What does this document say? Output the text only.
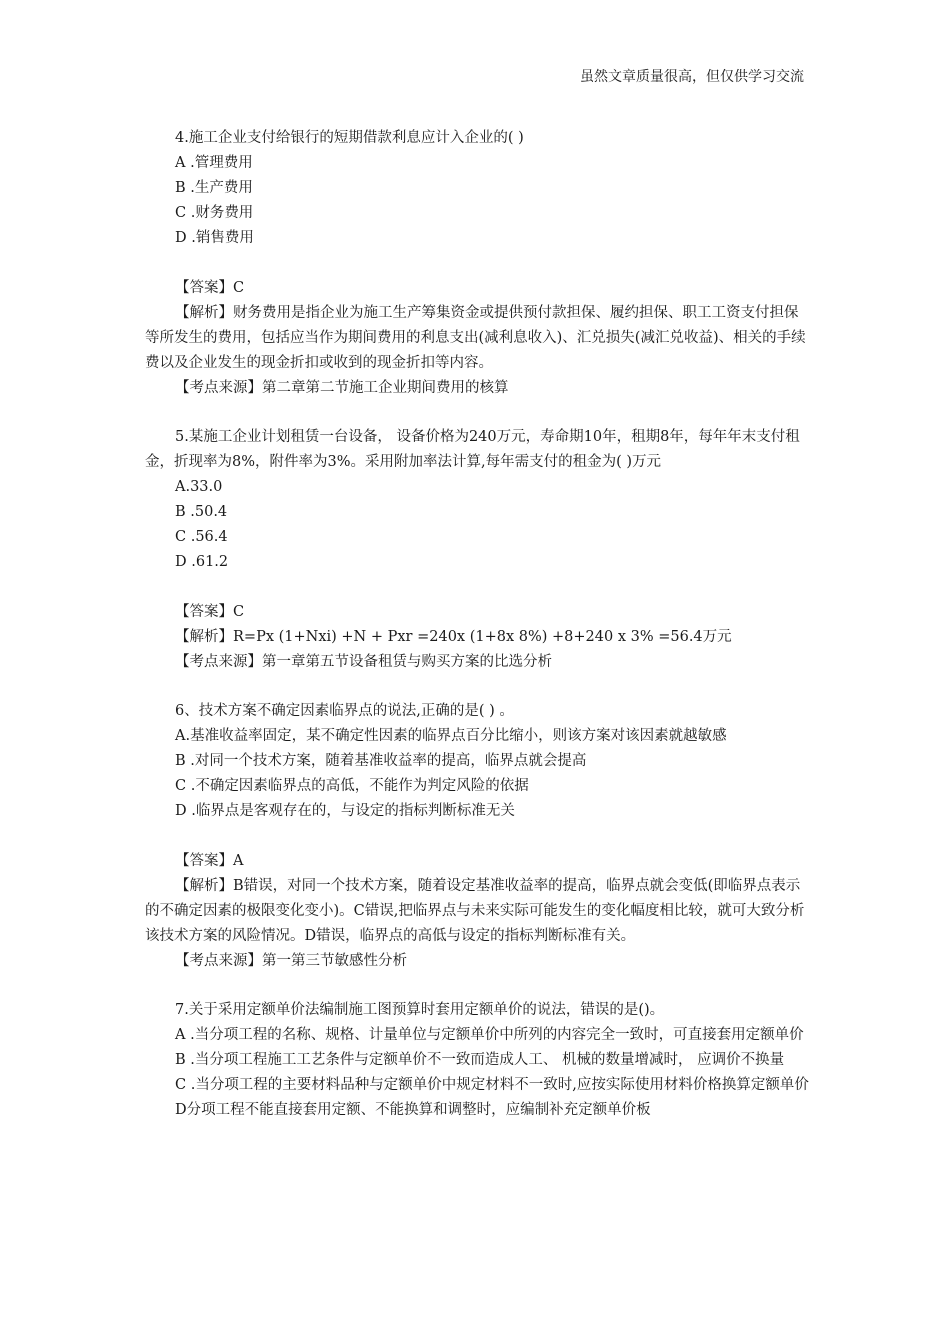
虽然文章质量很高，但仅供学习交流

4.施工企业支付给银行的短期借款利息应计入企业的( )

A .管理费用

B .生产费用

C .财务费用

D .销售费用

【答案】C

【解析】财务费用是指企业为施工生产筹集资金或提供预付款担保、履约担保、职工工资支付担保等所发生的费用，包括应当作为期间费用的利息支出(减利息收入)、汇兑损失(减汇兑收益)、相关的手续费以及企业发生的现金折扣或收到的现金折扣等内容。

【考点来源】第二章第二节施工企业期间费用的核算

5.某施工企业计划租赁一台设备， 设备价格为240万元，寿命期10年，租期8年，每年年末支付租金，折现率为8%，附件率为3%。采用附加率法计算,每年需支付的租金为( )万元

A.33.0

B .50.4

C .56.4

D .61.2

【答案】C

【解析】R=Px (1+Nxi) +N + Pxr =240x (1+8x 8%) +8+240 x 3% =56.4万元

【考点来源】第一章第五节设备租赁与购买方案的比选分析

6、技术方案不确定因素临界点的说法,正确的是( ) 。

A.基准收益率固定，某不确定性因素的临界点百分比缩小，则该方案对该因素就越敏感

B .对同一个技术方案，随着基准收益率的提高，临界点就会提高

C .不确定因素临界点的高低，不能作为判定风险的依据

D .临界点是客观存在的，与设定的指标判断标准无关

【答案】A

【解析】B错误，对同一个技术方案，随着设定基准收益率的提高，临界点就会变低(即临界点表示的不确定因素的极限变化变小)。C错误,把临界点与未来实际可能发生的变化幅度相比较，就可大致分析该技术方案的风险情况。D错误，临界点的高低与设定的指标判断标准有关。

【考点来源】第一第三节敏感性分析

7.关于采用定额单价法编制施工图预算时套用定额单价的说法，错误的是()。

A .当分项工程的名称、规格、计量单位与定额单价中所列的内容完全一致时，可直接套用定额单价

B .当分项工程施工工艺条件与定额单价不一致而造成人工、 机械的数量增减时， 应调价不换量

C .当分项工程的主要材料品种与定额单价中规定材料不一致时,应按实际使用材料价格换算定额单价

D分项工程不能直接套用定额、不能换算和调整时，应编制补充定额单价板
